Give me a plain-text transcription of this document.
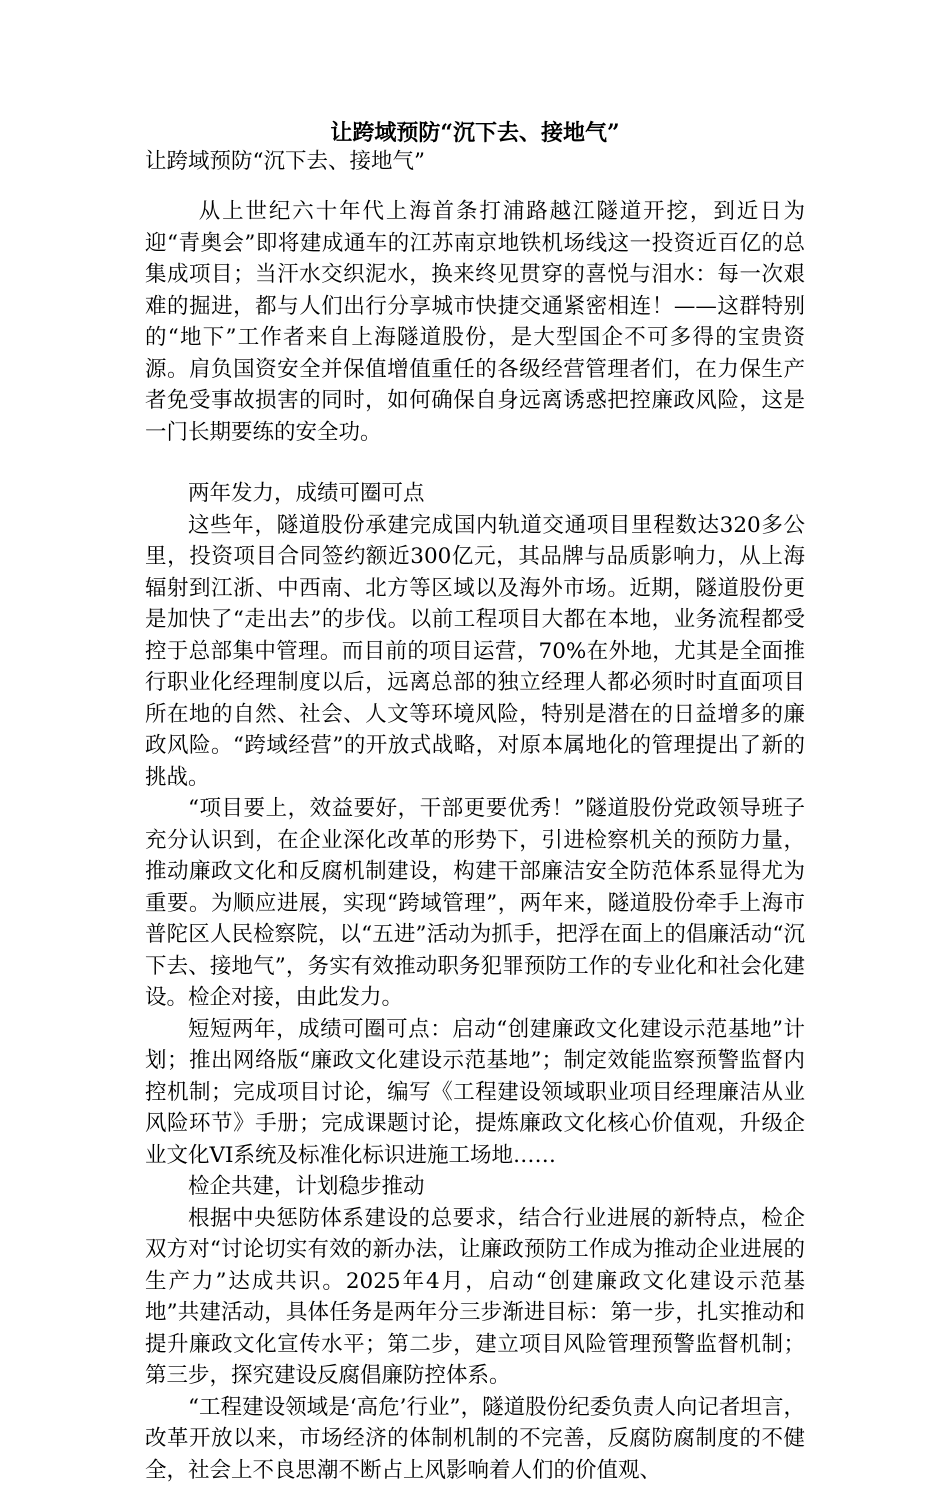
让跨域预防“沉下去、接地气”

让跨域预防“沉下去、接地气”

从上世纪六十年代上海首条打浦路越江隧道开挖，到近日为迎“青奥会”即将建成通车的江苏南京地铁机场线这一投资近百亿的总集成项目；当汗水交织泥水，换来终见贯穿的喜悦与泪水：每一次艰难的掘进，都与人们出行分享城市快捷交通紧密相连！——这群特别的“地下”工作者来自上海隧道股份，是大型国企不可多得的宝贵资源。肩负国资安全并保值增值重任的各级经营管理者们，在力保生产者免受事故损害的同时，如何确保自身远离诱惑把控廉政风险，这是一门长期要练的安全功。

两年发力，成绩可圈可点

这些年，隧道股份承建完成国内轨道交通项目里程数达320多公里，投资项目合同签约额近300亿元，其品牌与品质影响力，从上海辐射到江浙、中西南、北方等区域以及海外市场。近期，隧道股份更是加快了“走出去”的步伐。以前工程项目大都在本地，业务流程都受控于总部集中管理。而目前的项目运营，70%在外地，尤其是全面推行职业化经理制度以后，远离总部的独立经理人都必须时时直面项目所在地的自然、社会、人文等环境风险，特别是潜在的日益增多的廉政风险。“跨域经营”的开放式战略，对原本属地化的管理提出了新的挑战。

“项目要上，效益要好，干部更要优秀！”隧道股份党政领导班子充分认识到，在企业深化改革的形势下，引进检察机关的预防力量，推动廉政文化和反腐机制建设，构建干部廉洁安全防范体系显得尤为重要。为顺应进展，实现“跨域管理”，两年来，隧道股份牵手上海市普陀区人民检察院，以“五进”活动为抓手，把浮在面上的倡廉活动“沉下去、接地气”，务实有效推动职务犯罪预防工作的专业化和社会化建设。检企对接，由此发力。

短短两年，成绩可圈可点：启动“创建廉政文化建设示范基地”计划；推出网络版“廉政文化建设示范基地”；制定效能监察预警监督内控机制；完成项目讨论，编写《工程建设领域职业项目经理廉洁从业风险环节》手册；完成课题讨论，提炼廉政文化核心价值观，升级企业文化VI系统及标准化标识进施工场地……

检企共建，计划稳步推动

根据中央惩防体系建设的总要求，结合行业进展的新特点，检企双方对“讨论切实有效的新办法，让廉政预防工作成为推动企业进展的生产力”达成共识。2025年4月，启动“创建廉政文化建设示范基地”共建活动，具体任务是两年分三步渐进目标：第一步，扎实推动和提升廉政文化宣传水平；第二步，建立项目风险管理预警监督机制；第三步，探究建设反腐倡廉防控体系。

“工程建设领域是‘高危’行业”，隧道股份纪委负责人向记者坦言，改革开放以来，市场经济的体制机制的不完善，反腐防腐制度的不健全，社会上不良思潮不断占上风影响着人们的价值观、
